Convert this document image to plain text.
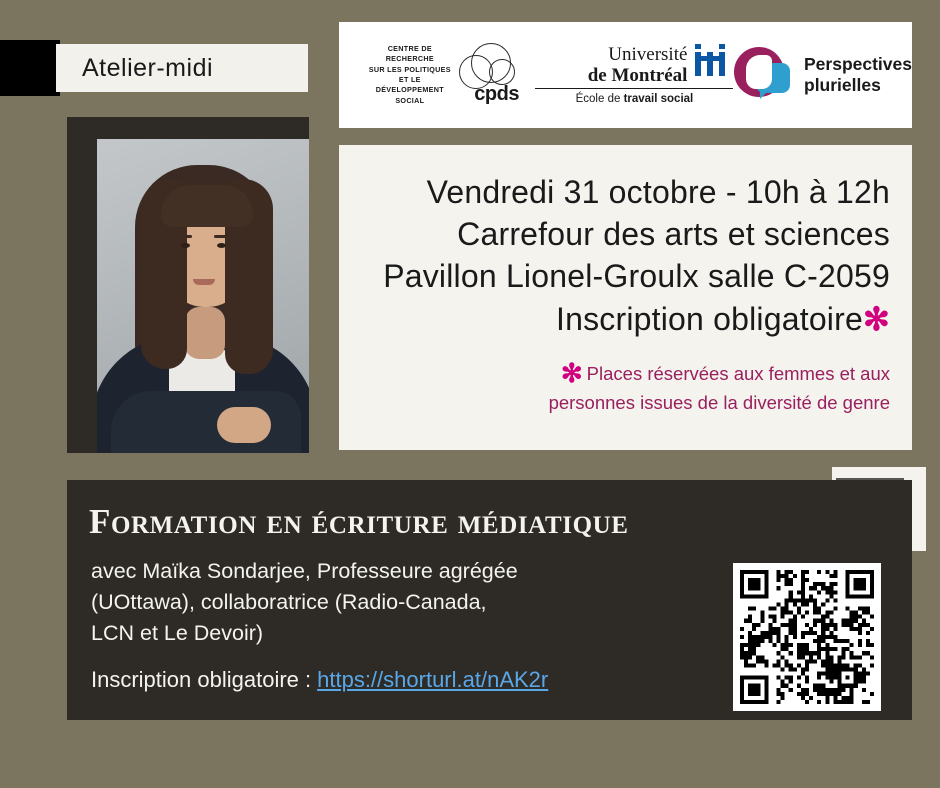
Atelier-midi
CENTRE DE RECHERCHE
SUR LES POLITIQUES
ET LE DÉVELOPPEMENT SOCIAL	cpds
Université
de Montréal
École de travail social
Perspectives
plurielles
Vendredi 31 octobre - 10h à 12h
Carrefour des arts et sciences
Pavillon Lionel-Groulx salle C-2059
Inscription obligatoire✻
✻ Places réservées aux femmes et aux
personnes issues de la diversité de genre
Formation en écriture médiatique
avec Maïka Sondarjee, Professeure agrégée
(UOttawa), collaboratrice (Radio-Canada,
LCN et Le Devoir)
Inscription obligatoire : https://shorturl.at/nAK2r
